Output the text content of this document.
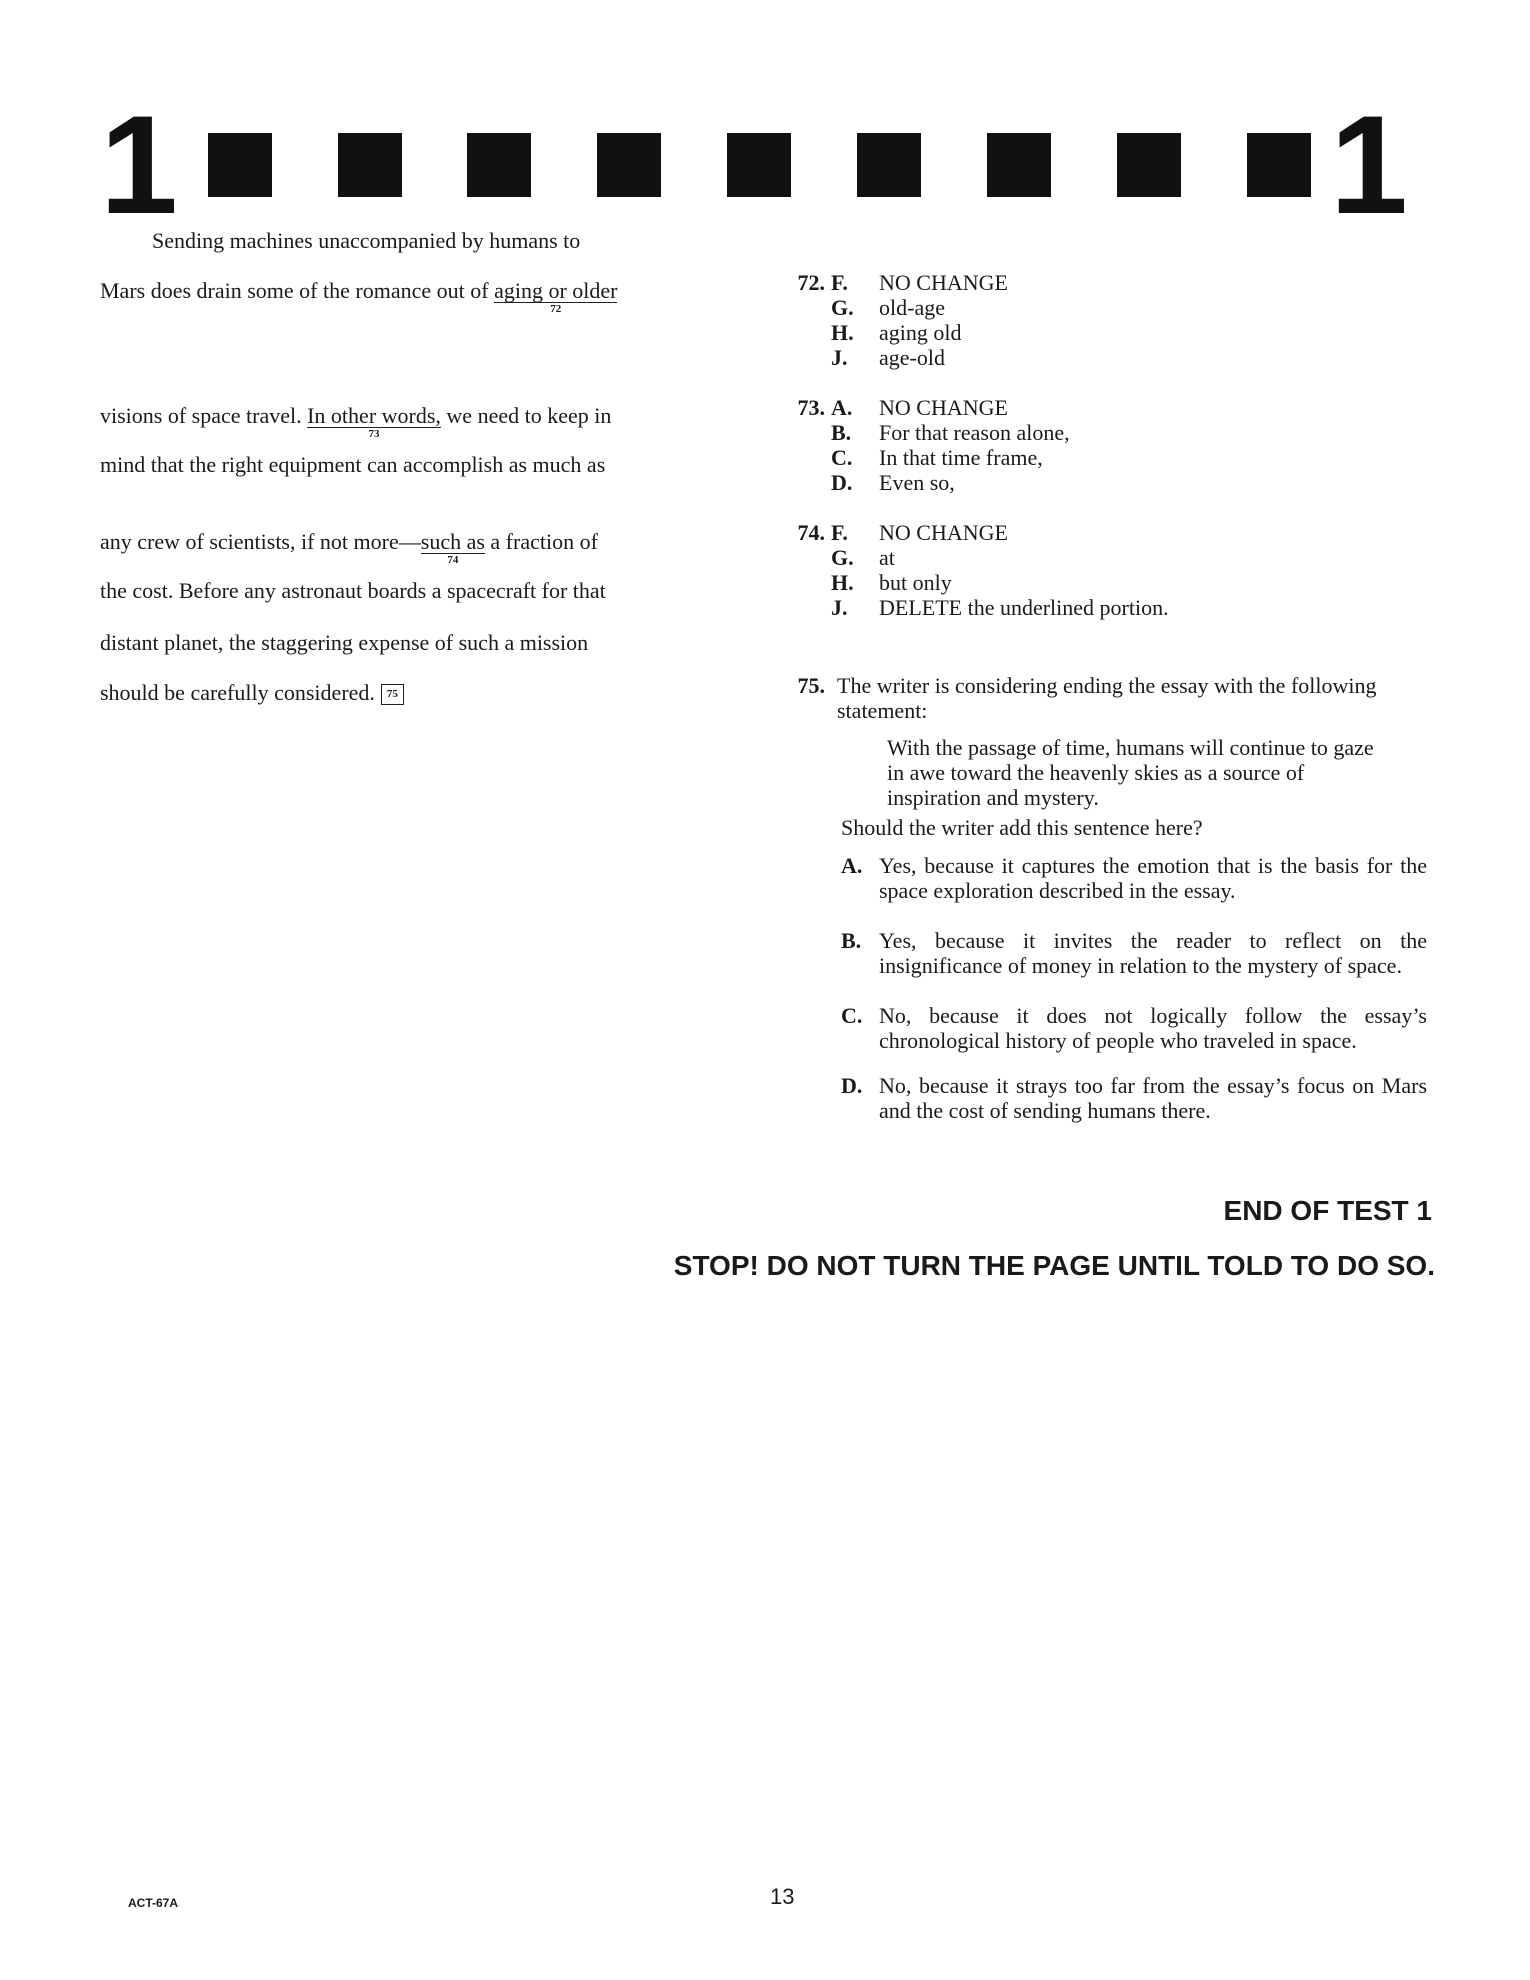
1	1
Sending machines unaccompanied by humans to
Mars does drain some of the romance out of aging or older
72
visions of space travel. In other words,
73
we need to keep in
mind that the right equipment can accomplish as much as
any crew of scientists, if not more—such as
74
a fraction of
the cost. Before any astronaut boards a spacecraft for that
distant planet, the staggering expense of such a mission
should be carefully considered. 75
72. F. NO CHANGE
G. old-age
H. aging old
J. age-old
73. A. NO CHANGE
B. For that reason alone,
C. In that time frame,
D. Even so,
74. F. NO CHANGE
G. at
H. but only
J. DELETE the underlined portion.
75. The writer is considering ending the essay with the following statement:
With the passage of time, humans will continue to gaze in awe toward the heavenly skies as a source of inspiration and mystery.
Should the writer add this sentence here?
A. Yes, because it captures the emotion that is the basis for the space exploration described in the essay.
B. Yes, because it invites the reader to reflect on the insignificance of money in relation to the mystery of space.
C. No, because it does not logically follow the essay’s chronological history of people who traveled in space.
D. No, because it strays too far from the essay’s focus on Mars and the cost of sending humans there.
END OF TEST 1
STOP! DO NOT TURN THE PAGE UNTIL TOLD TO DO SO.
ACT-67A	13
